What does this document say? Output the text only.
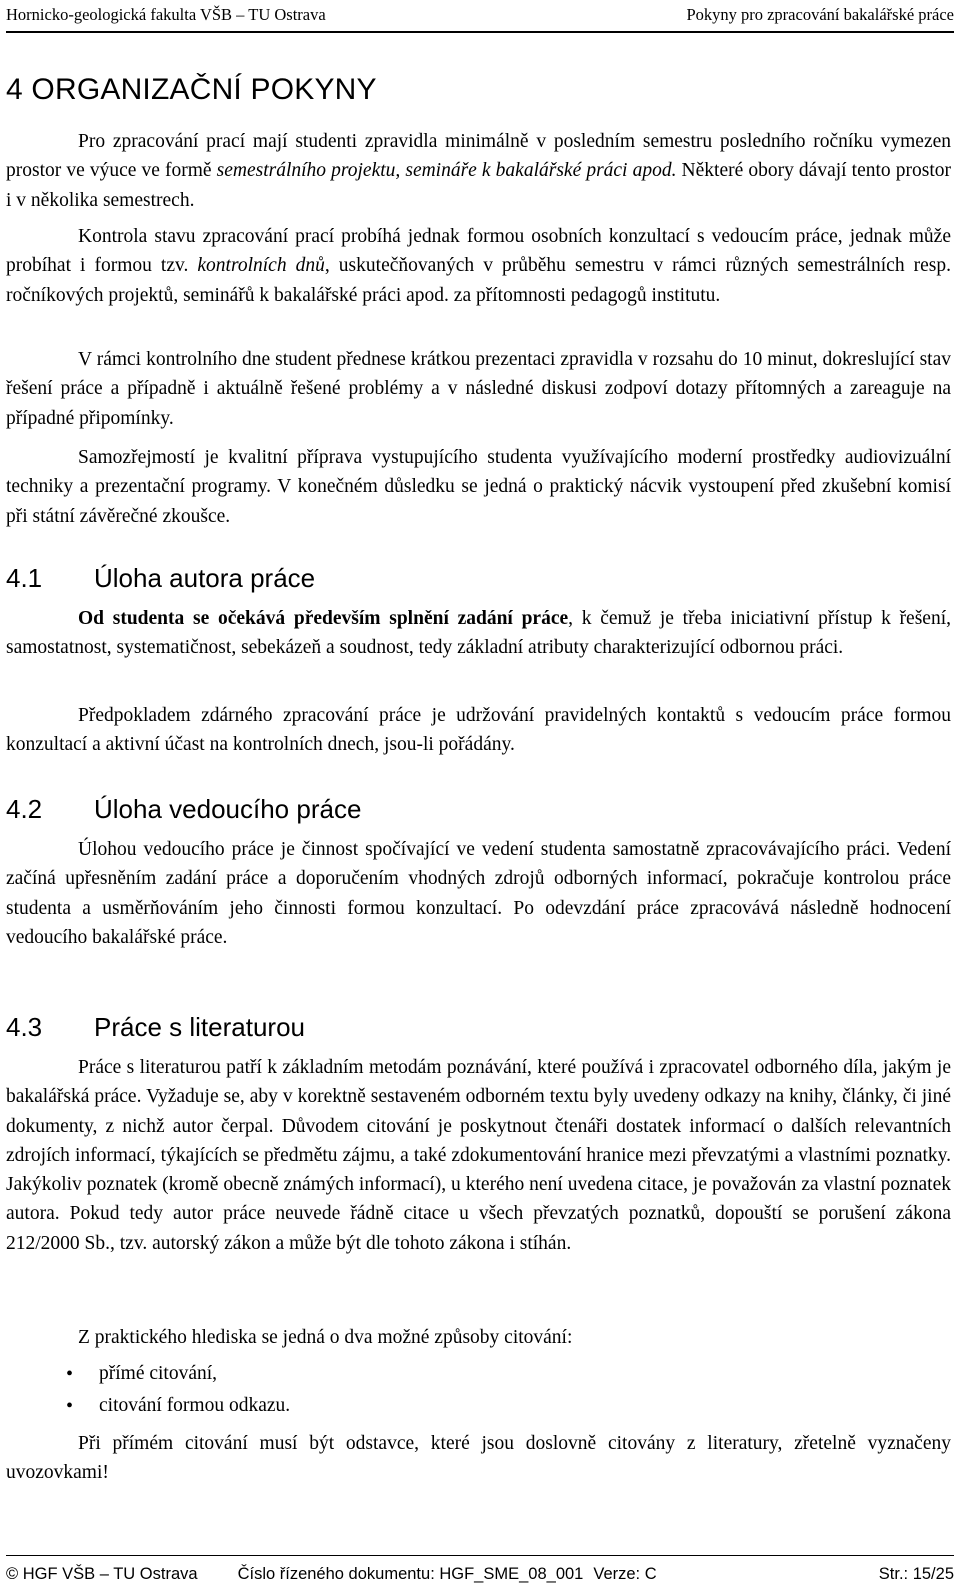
Hornicko-geologická fakulta VŠB – TU Ostrava	Pokyny pro zpracování bakalářské práce
4 ORGANIZAČNÍ POKYNY

Pro zpracování prací mají studenti zpravidla minimálně v posledním semestru posledního ročníku vymezen prostor ve výuce ve formě semestrálního projektu, semináře k bakalářské práci apod. Některé obory dávají tento prostor i v několika semestrech.

Kontrola stavu zpracování prací probíhá jednak formou osobních konzultací s vedoucím práce, jednak může probíhat i formou tzv. kontrolních dnů, uskutečňovaných v průběhu semestru v rámci různých semestrálních resp. ročníkových projektů, seminářů k bakalářské práci apod. za přítomnosti pedagogů institutu.

V rámci kontrolního dne student přednese krátkou prezentaci zpravidla v rozsahu do 10 minut, dokreslující stav řešení práce a případně i aktuálně řešené problémy a v následné diskusi zodpoví dotazy přítomných a zareaguje na případné připomínky.

Samozřejmostí je kvalitní příprava vystupujícího studenta využívajícího moderní prostředky audiovizuální techniky a prezentační programy. V konečném důsledku se jedná o praktický nácvik vystoupení před zkušební komisí při státní závěrečné zkoušce.

4.1	Úloha autora práce

Od studenta se očekává především splnění zadání práce, k čemuž je třeba iniciativní přístup k řešení, samostatnost, systematičnost, sebekázeň a soudnost, tedy základní atributy charakterizující odbornou práci.

Předpokladem zdárného zpracování práce je udržování pravidelných kontaktů s vedoucím práce formou konzultací a aktivní účast na kontrolních dnech, jsou-li pořádány.

4.2	Úloha vedoucího práce

Úlohou vedoucího práce je činnost spočívající ve vedení studenta samostatně zpracovávajícího práci. Vedení začíná upřesněním zadání práce a doporučením vhodných zdrojů odborných informací, pokračuje kontrolou práce studenta a usměrňováním jeho činnosti formou konzultací. Po odevzdání práce zpracovává následně hodnocení vedoucího bakalářské práce.

4.3	Práce s literaturou

Práce s literaturou patří k základním metodám poznávání, které používá i zpracovatel odborného díla, jakým je bakalářská práce. Vyžaduje se, aby v korektně sestaveném odborném textu byly uvedeny odkazy na knihy, články, či jiné dokumenty, z nichž autor čerpal. Důvodem citování je poskytnout čtenáři dostatek informací o dalších relevantních zdrojích informací, týkajících se předmětu zájmu, a také zdokumentování hranice mezi převzatými a vlastními poznatky. Jakýkoliv poznatek (kromě obecně známých informací), u kterého není uvedena citace, je považován za vlastní poznatek autora. Pokud tedy autor práce neuvede řádně citace u všech převzatých poznatků, dopouští se porušení zákona 212/2000 Sb., tzv. autorský zákon a může být dle tohoto zákona i stíhán.

Z praktického hlediska se jedná o dva možné způsoby citování:

•	přímé citování,
•	citování formou odkazu.

Při přímém citování musí být odstavce, které jsou doslovně citovány z literatury, zřetelně vyznačeny uvozovkami!

© HGF VŠB – TU Ostrava Číslo řízeného dokumentu: HGF_SME_08_001 Verze: C	Str.: 15/25
